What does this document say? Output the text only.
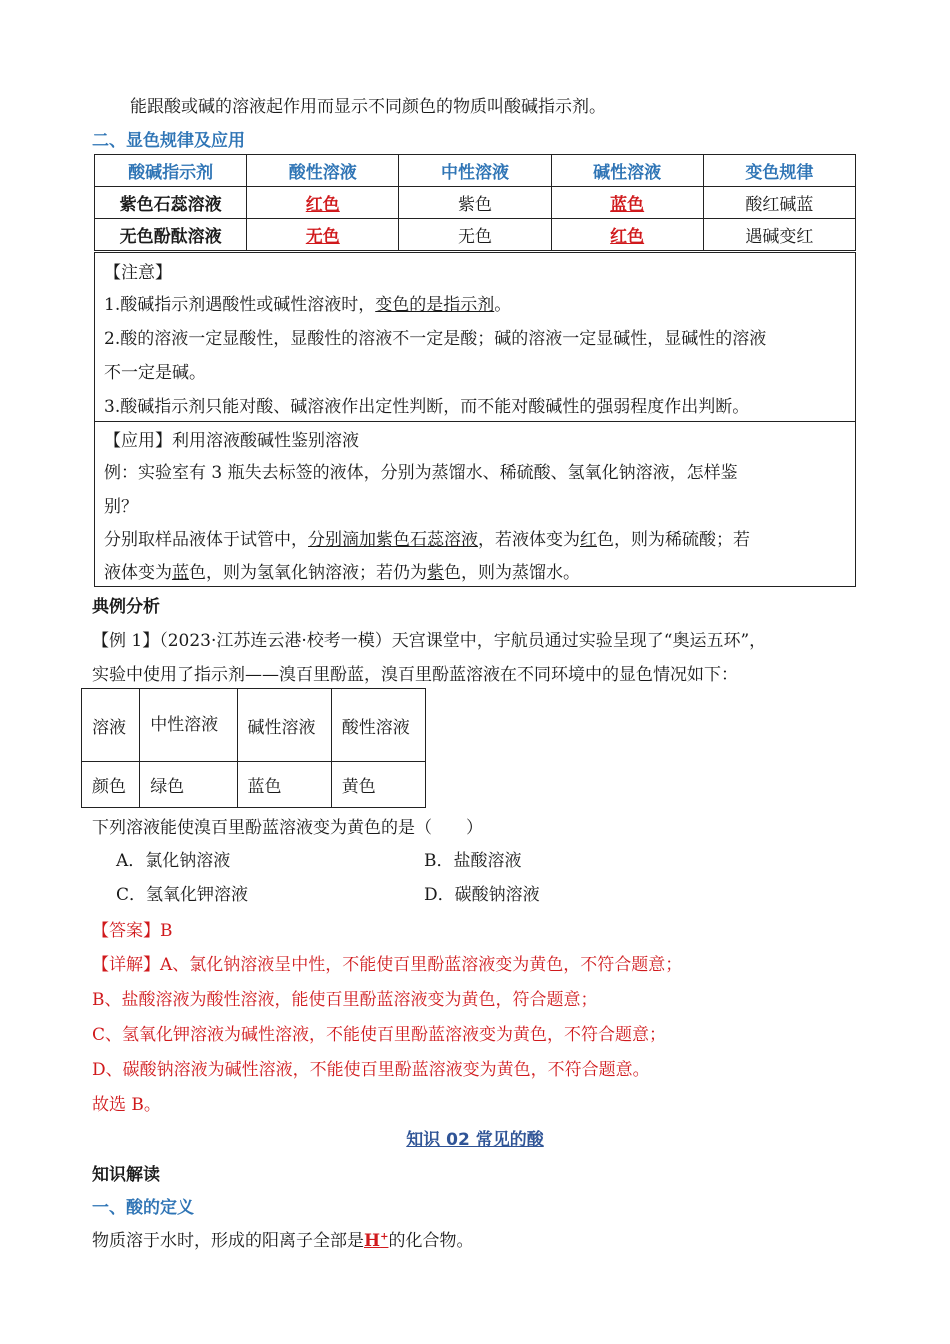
能跟酸或碱的溶液起作用而显示不同颜色的物质叫酸碱指示剂。
二、显色规律及应用
酸碱指示剂	酸性溶液	中性溶液	碱性溶液	变色规律
紫色石蕊溶液	红色	紫色	蓝色	酸红碱蓝
无色酚酞溶液	无色	无色	红色	遇碱变红
【注意】
1.酸碱指示剂遇酸性或碱性溶液时，变色的是指示剂。
2.酸的溶液一定显酸性，显酸性的溶液不一定是酸；碱的溶液一定显碱性，显碱性的溶液
不一定是碱。
3.酸碱指示剂只能对酸、碱溶液作出定性判断，而不能对酸碱性的强弱程度作出判断。
【应用】利用溶液酸碱性鉴别溶液
例：实验室有 3 瓶失去标签的液体，分别为蒸馏水、稀硫酸、氢氧化钠溶液，怎样鉴
别？
分别取样品液体于试管中，分别滴加紫色石蕊溶液，若液体变为红色，则为稀硫酸；若
液体变为蓝色，则为氢氧化钠溶液；若仍为紫色，则为蒸馏水。
典例分析
【例 1】（2023·江苏连云港·校考一模）天宫课堂中，宇航员通过实验呈现了“奥运五环”，
实验中使用了指示剂——溴百里酚蓝，溴百里酚蓝溶液在不同环境中的显色情况如下：
溶液	中性溶液	碱性溶液	酸性溶液
颜色	绿色	蓝色	黄色
下列溶液能使溴百里酚蓝溶液变为黄色的是（　　）
A．氯化钠溶液	B．盐酸溶液
C．氢氧化钾溶液	D．碳酸钠溶液
【答案】B
【详解】A、氯化钠溶液呈中性，不能使百里酚蓝溶液变为黄色，不符合题意；
B、盐酸溶液为酸性溶液，能使百里酚蓝溶液变为黄色，符合题意；
C、氢氧化钾溶液为碱性溶液，不能使百里酚蓝溶液变为黄色，不符合题意；
D、碳酸钠溶液为碱性溶液，不能使百里酚蓝溶液变为黄色，不符合题意。
故选 B。
知识 02 常见的酸
知识解读
一、酸的定义
物质溶于水时，形成的阳离子全部是H+的化合物。
